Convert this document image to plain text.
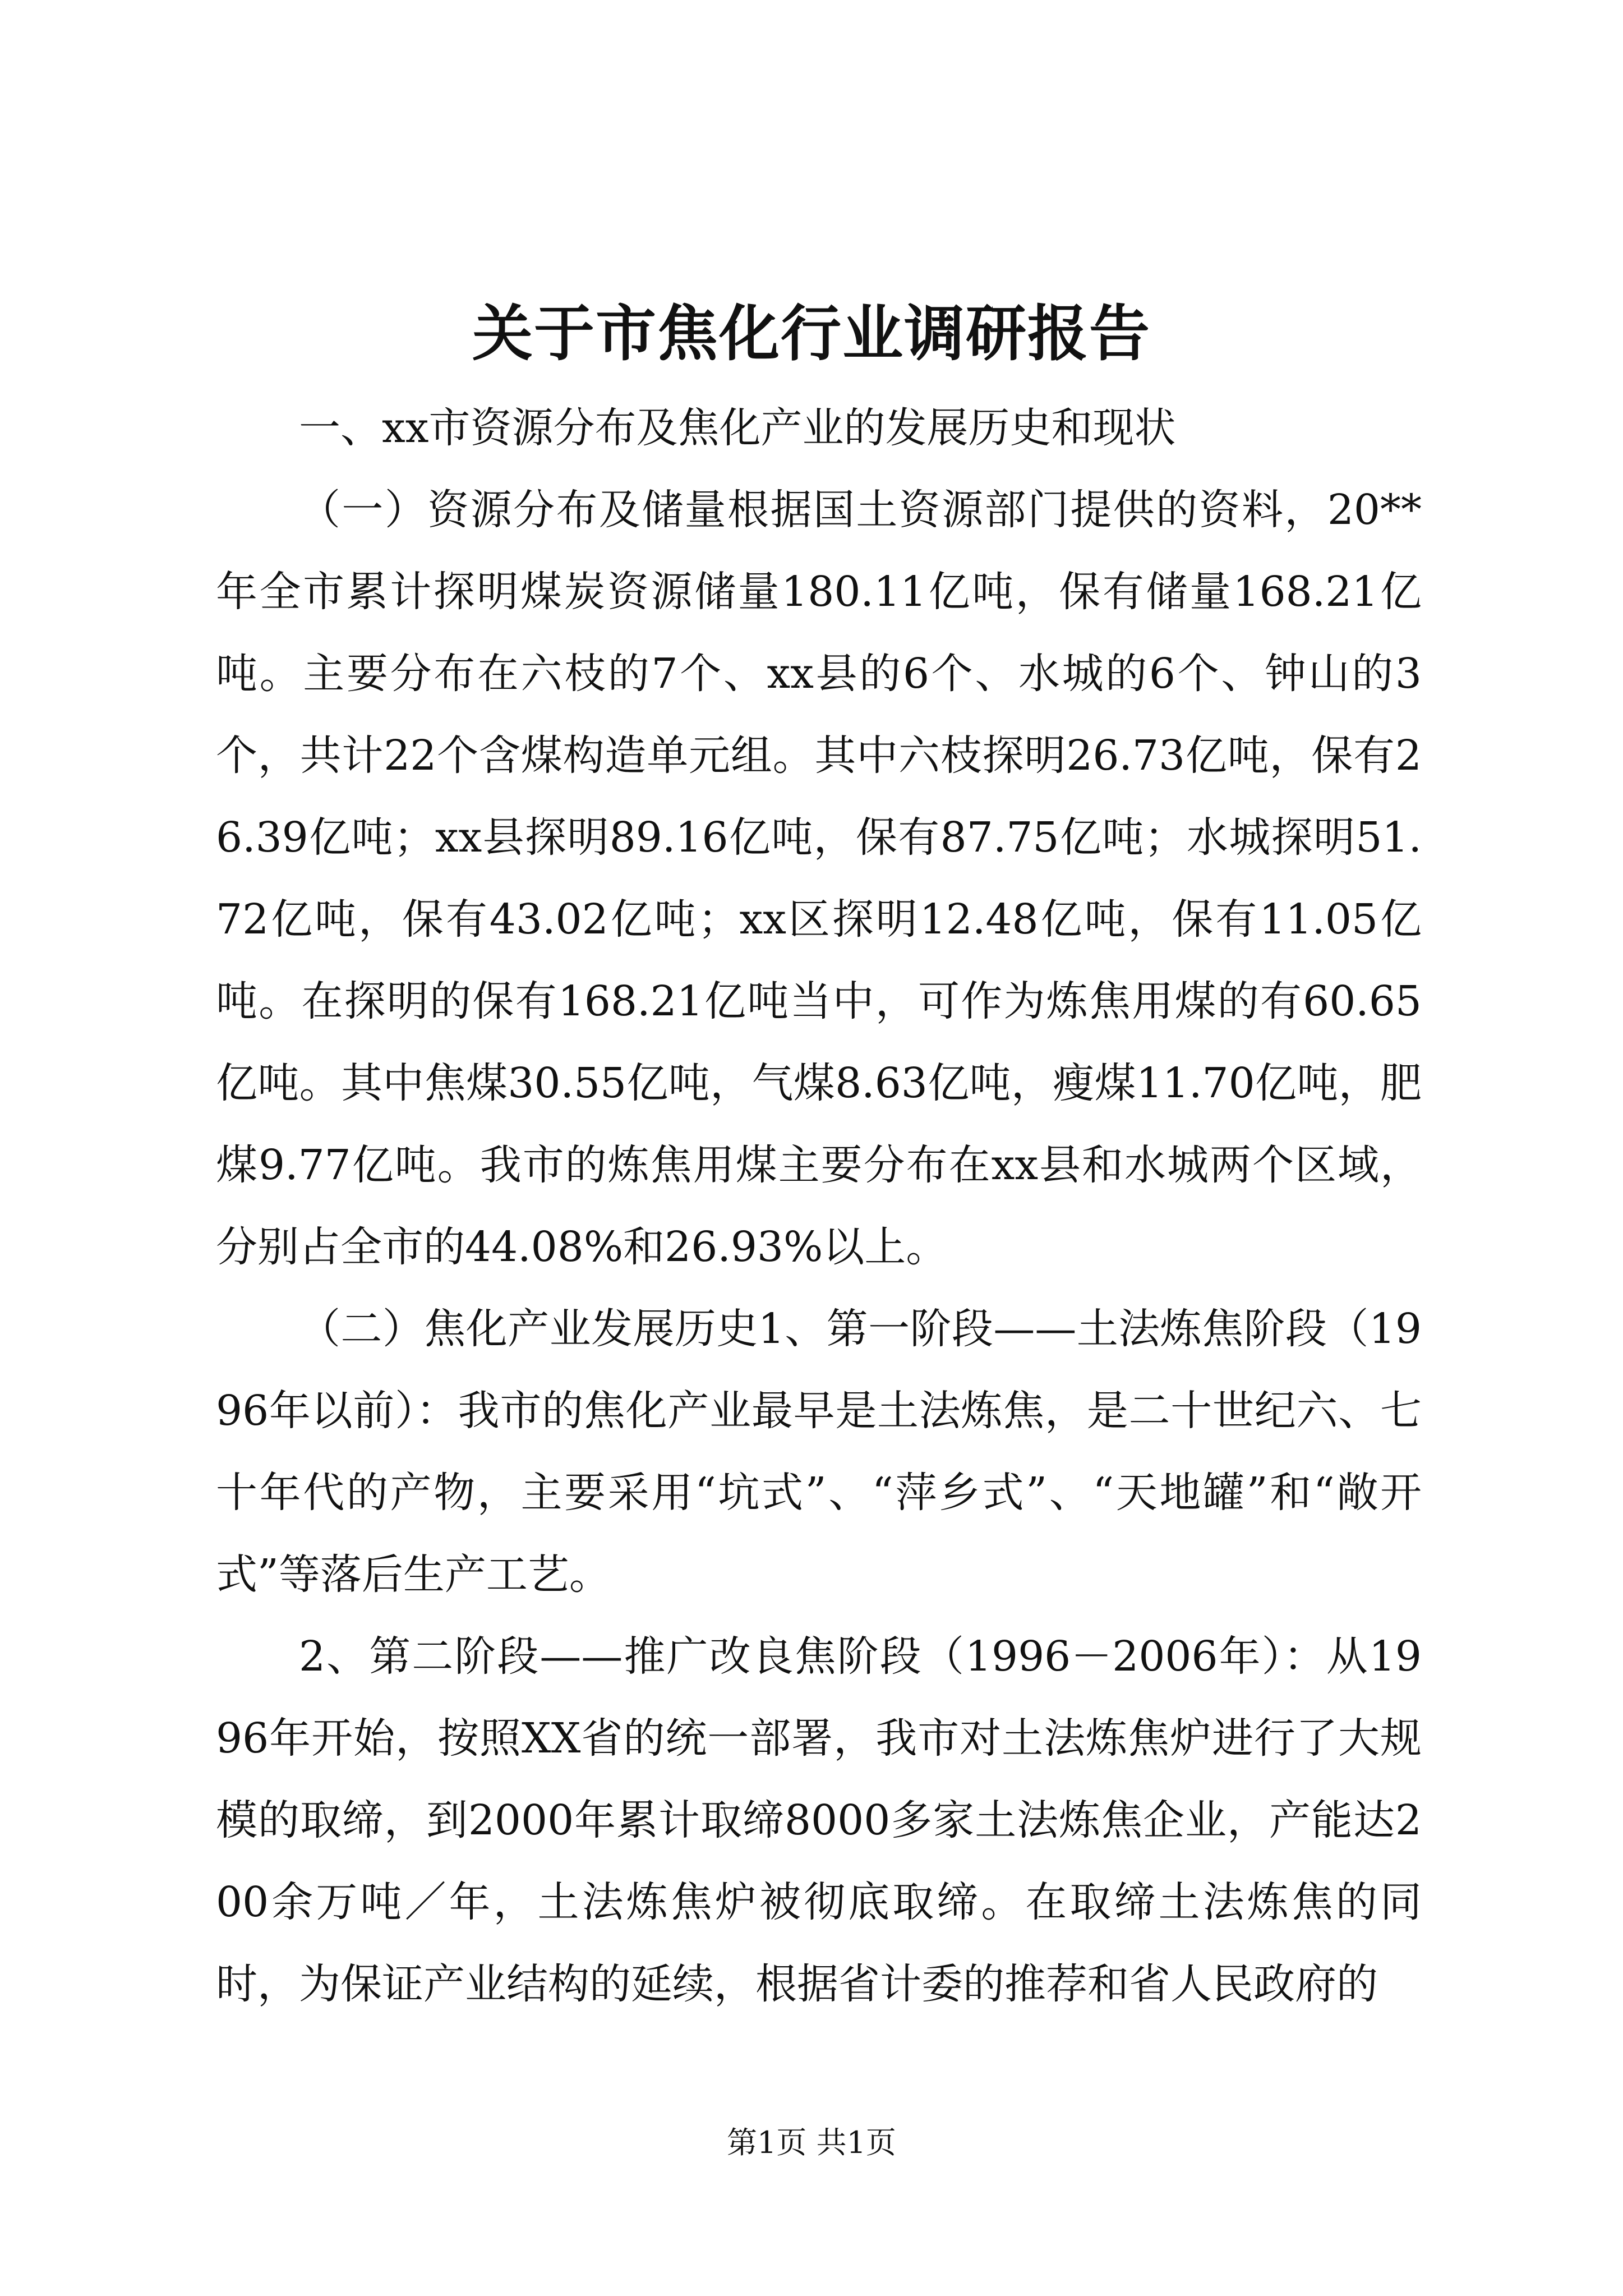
关于市焦化行业调研报告

一、xx市资源分布及焦化产业的发展历史和现状

（一）资源分布及储量根据国土资源部门提供的资料，20**年全市累计探明煤炭资源储量180.11亿吨，保有储量168.21亿吨。主要分布在六枝的7个、xx县的6个、水城的6个、钟山的3个，共计22个含煤构造单元组。其中六枝探明26.73亿吨，保有26.39亿吨；xx县探明89.16亿吨，保有87.75亿吨；水城探明51.72亿吨，保有43.02亿吨；xx区探明12.48亿吨，保有11.05亿吨。在探明的保有168.21亿吨当中，可作为炼焦用煤的有60.65亿吨。其中焦煤30.55亿吨，气煤8.63亿吨，瘦煤11.70亿吨，肥煤9.77亿吨。我市的炼焦用煤主要分布在xx县和水城两个区域，分别占全市的44.08%和26.93%以上。

（二）焦化产业发展历史1、第一阶段——土法炼焦阶段（1996年以前）：我市的焦化产业最早是土法炼焦，是二十世纪六、七十年代的产物，主要采用“坑式”、“萍乡式”、“天地罐”和“敞开式”等落后生产工艺。

2、第二阶段——推广改良焦阶段（1996－2006年）：从1996年开始，按照XX省的统一部署，我市对土法炼焦炉进行了大规模的取缔，到2000年累计取缔8000多家土法炼焦企业，产能达200余万吨／年，土法炼焦炉被彻底取缔。在取缔土法炼焦的同时，为保证产业结构的延续，根据省计委的推荐和省人民政府的

第1页 共1页
